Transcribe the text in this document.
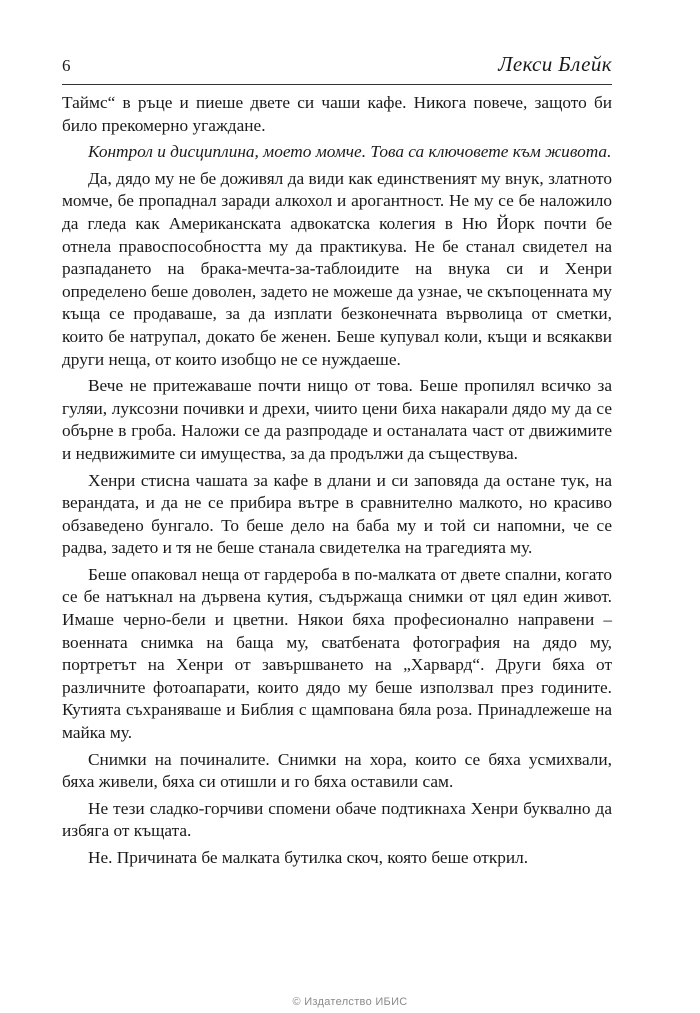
6	Лекси Блейк

Таймс“ в ръце и пиеше двете си чаши кафе. Никога повече, защото би било прекомерно угаждане.

Контрол и дисциплина, моето момче. Това са ключовете към живота.

Да, дядо му не бе доживял да види как единственият му внук, златното момче, бе пропаднал заради алкохол и арогантност. Не му се бе наложило да гледа как Американската адвокатска колегия в Ню Йорк почти бе отнела правоспособността му да практикува. Не бе станал свидетел на разпадането на брака-мечта-за-таблоидите на внука си и Хенри определено беше доволен, задето не можеше да узнае, че скъпоценната му къща се продаваше, за да изплати безконечната върволица от сметки, които бе натрупал, докато бе женен. Беше купувал коли, къщи и всякакви други неща, от които изобщо не се нуждаеше.

Вече не притежаваше почти нищо от това. Беше пропилял всичко за гуляи, луксозни почивки и дрехи, чиито цени биха накарали дядо му да се обърне в гроба. Наложи се да разпродаде и останалата част от движимите и недвижимите си имущества, за да продължи да съществува.

Хенри стисна чашата за кафе в длани и си заповяда да остане тук, на верандата, и да не се прибира вътре в сравнително малкото, но красиво обзаведено бунгало. То беше дело на баба му и той си напомни, че се радва, задето и тя не беше станала свидетелка на трагедията му.

Беше опаковал неща от гардероба в по-малката от двете спални, когато се бе натъкнал на дървена кутия, съдържаща снимки от цял един живот. Имаше черно-бели и цветни. Някои бяха професионално направени – военната снимка на баща му, сватбената фотография на дядо му, портретът на Хенри от завършването на „Харвард“. Други бяха от различните фотоапарати, които дядо му беше използвал през годините. Кутията съхраняваше и Библия с щампована бяла роза. Принадлежеше на майка му.

Снимки на починалите. Снимки на хора, които се бяха усмихвали, бяха живели, бяха си отишли и го бяха оставили сам.

Не тези сладко-горчиви спомени обаче подтикнаха Хенри буквално да избяга от къщата.

Не. Причината бе малката бутилка скоч, която беше открил.

© Издателство ИБИС
